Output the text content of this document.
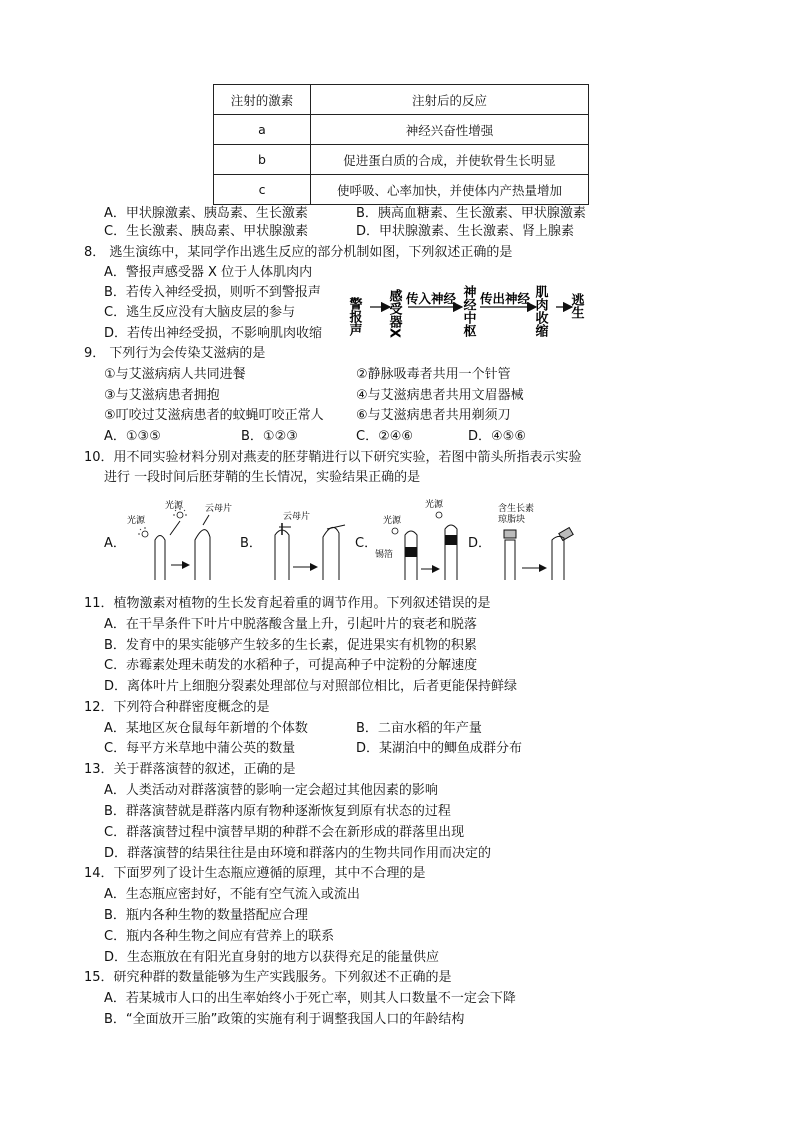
注射的激素	注射后的反应
a	神经兴奋性增强
b	促进蛋白质的合成，并使软骨生长明显
c	使呼吸、心率加快，并使体内产热量增加
A．甲状腺激素、胰岛素、生长激素	B．胰高血糖素、生长激素、甲状腺激素
C．生长激素、胰岛素、甲状腺激素	D．甲状腺激素、生长激素、肾上腺素
8． 逃生演练中，某同学作出逃生反应的部分机制如图，下列叙述正确的是
A．警报声感受器 X 位于人体肌肉内
B．若传入神经受损，则听不到警报声
C．逃生反应没有大脑皮层的参与
D．若传出神经受损，不影响肌肉收缩 警报声 感受器X	神经中枢	肌肉收缩 逃生
传入神经 传出神经
9． 下列行为会传染艾滋病的是
①与艾滋病病人共同进餐	②静脉吸毒者共用一个针管
③与艾滋病患者拥抱	④与艾滋病患者共用文眉器械
⑤叮咬过艾滋病患者的蚊蝇叮咬正常人 ⑥与艾滋病患者共用剃须刀
A．①③⑤	B．①②③	C．②④⑥	D．④⑤⑥
10．用不同实验材料分别对燕麦的胚芽鞘进行以下研究实验，若图中箭头所指表示实验
进行 一段时间后胚芽鞘的生长情况，实验结果正确的是
A．	B．	C．	D．
光源
光源 云母片
云母片	光源
光源
锡箔
含生长素
琼脂块
11．植物激素对植物的生长发育起着重的调节作用。下列叙述错误的是
A．在干旱条件下叶片中脱落酸含量上升，引起叶片的衰老和脱落
B．发育中的果实能够产生较多的生长素，促进果实有机物的积累
C．赤霉素处理未萌发的水稻种子，可提高种子中淀粉的分解速度
D．离体叶片上细胞分裂素处理部位与对照部位相比，后者更能保持鲜绿
12．下列符合种群密度概念的是
A．某地区灰仓鼠每年新增的个体数	B．二亩水稻的年产量
C．每平方米草地中蒲公英的数量	D．某湖泊中的鲫鱼成群分布
13．关于群落演替的叙述，正确的是
A．人类活动对群落演替的影响一定会超过其他因素的影响
B．群落演替就是群落内原有物种逐渐恢复到原有状态的过程
C．群落演替过程中演替早期的种群不会在新形成的群落里出现
D．群落演替的结果往往是由环境和群落内的生物共同作用而决定的
14．下面罗列了设计生态瓶应遵循的原理，其中不合理的是
A．生态瓶应密封好，不能有空气流入或流出
B．瓶内各种生物的数量搭配应合理
C．瓶内各种生物之间应有营养上的联系
D．生态瓶放在有阳光直身射的地方以获得充足的能量供应
15．研究种群的数量能够为生产实践服务。下列叙述不正确的是
A．若某城市人口的出生率始终小于死亡率，则其人口数量不一定会下降
B．“全面放开三胎”政策的实施有利于调整我国人口的年龄结构
